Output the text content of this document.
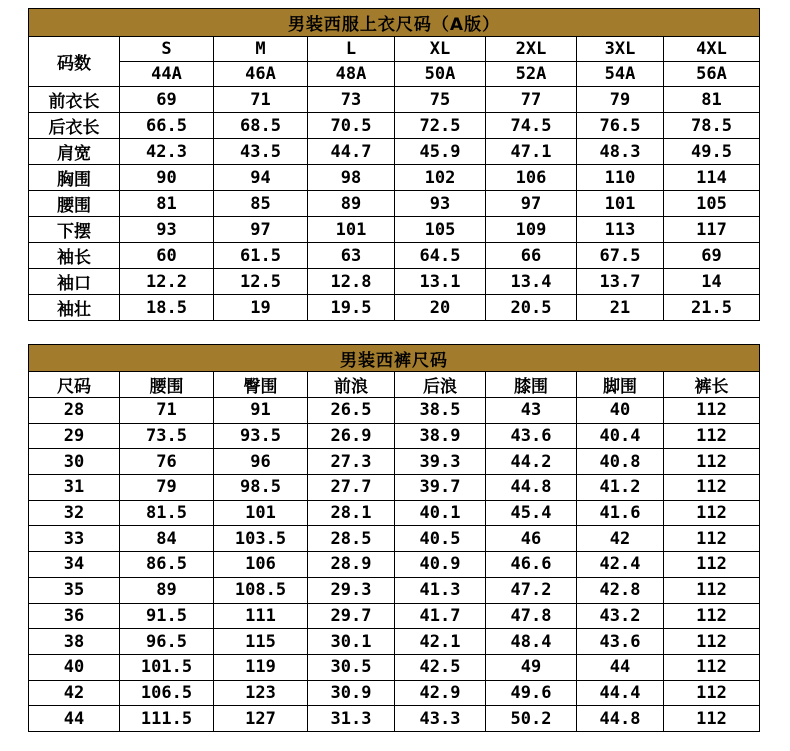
男装西服上衣尺码（A版）							
码数	S	M	L	XL	2XL	3XL	4XL
	44A	46A	48A	50A	52A	54A	56A
前衣长	69	71	73	75	77	79	81
后衣长	66.5	68.5	70.5	72.5	74.5	76.5	78.5
肩宽	42.3	43.5	44.7	45.9	47.1	48.3	49.5
胸围	90	94	98	102	106	110	114
腰围	81	85	89	93	97	101	105
下摆	93	97	101	105	109	113	117
袖长	60	61.5	63	64.5	66	67.5	69
袖口	12.2	12.5	12.8	13.1	13.4	13.7	14
袖壮	18.5	19	19.5	20	20.5	21	21.5
男装西裤尺码							
尺码	腰围	臀围	前浪	后浪	膝围	脚围	裤长
28	71	91	26.5	38.5	43	40	112
29	73.5	93.5	26.9	38.9	43.6	40.4	112
30	76	96	27.3	39.3	44.2	40.8	112
31	79	98.5	27.7	39.7	44.8	41.2	112
32	81.5	101	28.1	40.1	45.4	41.6	112
33	84	103.5	28.5	40.5	46	42	112
34	86.5	106	28.9	40.9	46.6	42.4	112
35	89	108.5	29.3	41.3	47.2	42.8	112
36	91.5	111	29.7	41.7	47.8	43.2	112
38	96.5	115	30.1	42.1	48.4	43.6	112
40	101.5	119	30.5	42.5	49	44	112
42	106.5	123	30.9	42.9	49.6	44.4	112
44	111.5	127	31.3	43.3	50.2	44.8	112
